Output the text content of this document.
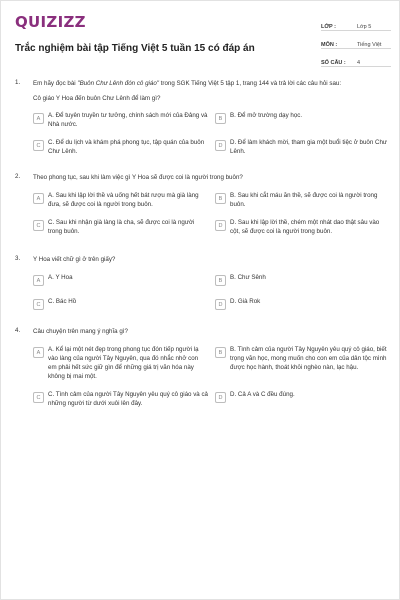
QUIZIZZ
Trắc nghiệm bài tập Tiếng Việt 5 tuần 15 có đáp án
LỚP :	Lớp 5
MÔN :	Tiếng Việt
SỐ CÂU :	4
1. Em hãy đọc bài "Buôn Chư Lênh đón cô giáo" trong SGK Tiếng Việt 5 tập 1, trang 144 và trả lời các câu hỏi sau:
Cô giáo Y Hoa đến buôn Chư Lênh để làm gì?
A	A. Để tuyên truyền tư tưởng, chính sách mới của Đảng và Nhà nước.
B	B. Để mở trường dạy học.
C	C. Để du lịch và khám phá phong tục, tập quán của buôn Chư Lênh.
D	D. Để làm khách mời, tham gia một buổi tiệc ở buôn Chư Lênh.
2. Theo phong tục, sau khi làm việc gì Y Hoa sẽ được coi là người trong buôn?
A	A. Sau khi lập lời thề và uống hết bát rượu mà già làng đưa, sẽ được coi là người trong buôn.
B	B. Sau khi cắt máu ăn thề, sẽ được coi là người trong buôn.
C	C. Sau khi nhận già làng là cha, sẽ được coi là người trong buôn.
D	D. Sau khi lập lời thề, chém một nhát dao thật sâu vào cột, sẽ được coi là người trong buôn.
3. Y Hoa viết chữ gì ở trên giấy?
A	A. Y Hoa	B	B. Chư Sênh
C	C. Bác Hồ	D	D. Già Rok
4. Câu chuyện trên mang ý nghĩa gì?
A	A. Kể lại một nét đẹp trong phong tục đón tiếp người lạ vào làng của người Tây Nguyên, qua đó nhắc nhở con em phải hết sức giữ gìn để những giá trị văn hóa này không bị mai một.
B	B. Tình cảm của người Tây Nguyên yêu quý cô giáo, biết trọng văn học, mong muốn cho con em của dân tộc mình được học hành, thoát khỏi nghèo nàn, lạc hậu.
C	C. Tình cảm của người Tây Nguyên yêu quý cô giáo và cả những người từ dưới xuôi lên đây.
D	D. Cả A và C đều đúng.
